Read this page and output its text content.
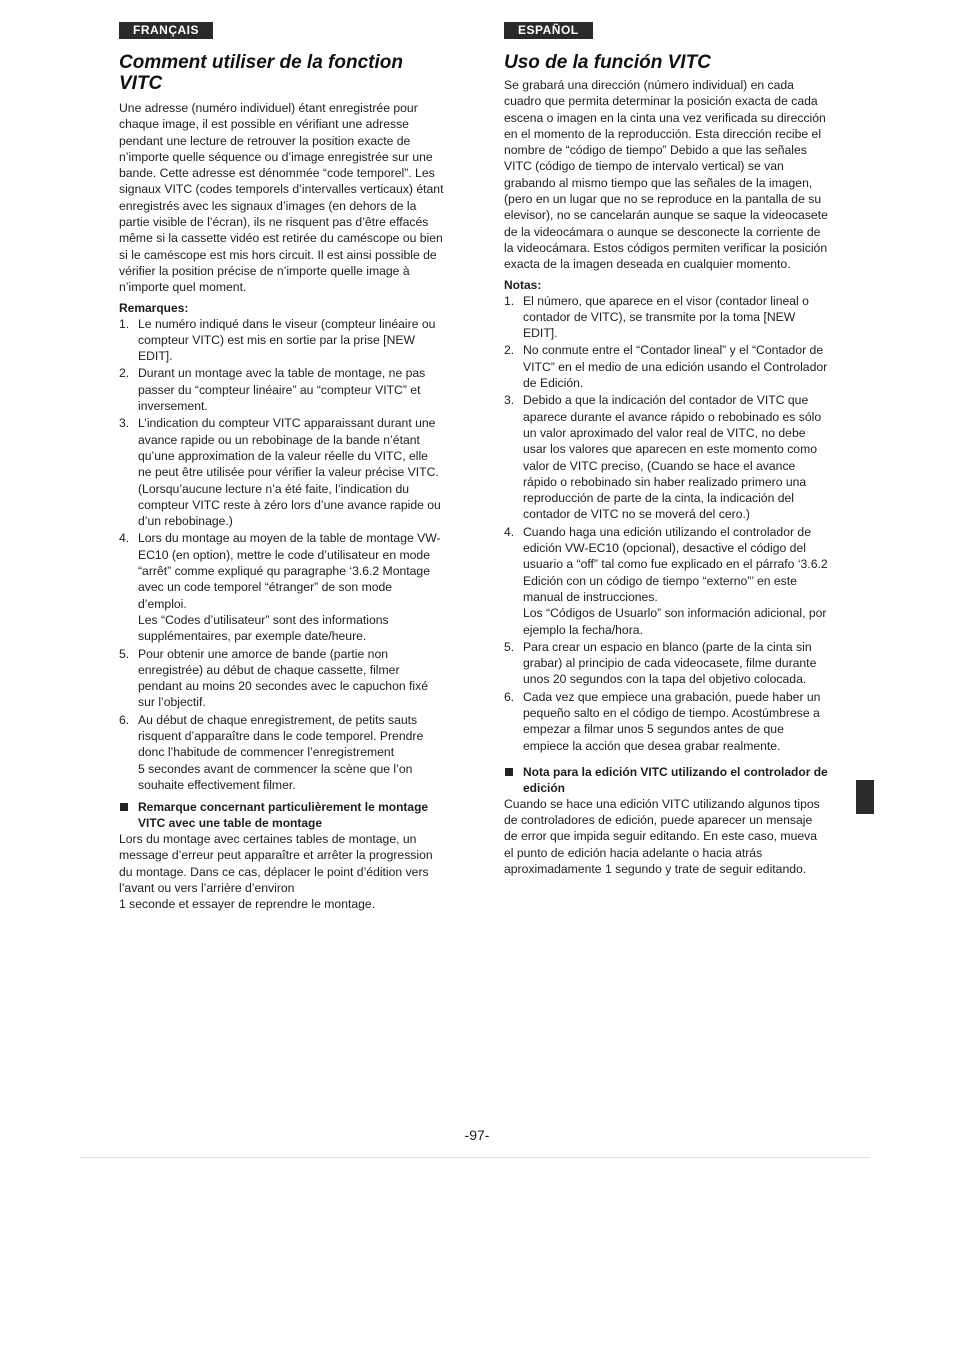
FRANÇAIS
Comment utiliser de la fonction VITC

Une adresse (numéro individuel) étant enregistrée pour chaque image, il est possible en vérifiant une adresse pendant une lecture de retrouver la position exacte de n’importe quelle séquence ou d’image enregistrée sur une bande. Cette adresse est dénommée “code temporel”. Les signaux VITC (codes temporels d’intervalles verticaux) étant enregistrés avec les signaux d’images (en dehors de la partie visible de l’écran), ils ne risquent pas d’être effacés même si la cassette vidéo est retirée du caméscope ou bien si le caméscope est mis hors circuit. Il est ainsi possible de vérifier la position précise de n’importe quelle image à n’importe quel moment.

Remarques:
1. Le numéro indiqué dans le viseur (compteur linéaire ou compteur VITC) est mis en sortie par la prise [NEW EDIT].
2. Durant un montage avec la table de montage, ne pas passer du “compteur linéaire” au “compteur VITC” et inversement.
3. L’indication du compteur VITC apparaissant durant une avance rapide ou un rebobinage de la bande n’étant qu’une approximation de la valeur réelle du VITC, elle ne peut être utilisée pour vérifier la valeur précise VITC. (Lorsqu’aucune lecture n’a été faite, l’indication du compteur VITC reste à zéro lors d’une avance rapide ou d’un rebobinage.)
4. Lors du montage au moyen de la table de montage VW-EC10 (en option), mettre le code d’utilisateur en mode “arrêt” comme expliqué qu paragraphe ‘3.6.2 Montage avec un code temporel “étranger” de son mode d’emploi.
Les “Codes d’utilisateur” sont des informations supplémentaires, par exemple date/heure.
5. Pour obtenir une amorce de bande (partie non enregistrée) au début de chaque cassette, filmer pendant au moins 20 secondes avec le capuchon fixé sur l’objectif.
6. Au début de chaque enregistrement, de petits sauts risquent d’apparaître dans le code temporel. Prendre donc l’habitude de commencer l’enregistrement
5 secondes avant de commencer la scène que l’on souhaite effectivement filmer.
Remarque concernant particulièrement le montage VITC avec une table de montage

Lors du montage avec certaines tables de montage, un message d’erreur peut apparaître et arrêter la progression du montage. Dans ce cas, déplacer le point d’édition vers l’avant ou vers l’arrière d’environ
1 seconde et essayer de reprendre le montage.

ESPAÑOL
Uso de la función VITC

Se grabará una dirección (número individual) en cada cuadro que permita determinar la posición exacta de cada escena o imagen en la cinta una vez verificada su dirección en el momento de la reproducción. Esta dirección recibe el nombre de “código de tiempo” Debido a que las señales VITC (código de tiempo de intervalo vertical) se van grabando al mismo tiempo que las señales de la imagen, (pero en un lugar que no se reproduce en la pantalla de su elevisor), no se cancelarán aunque se saque la videocasete de la videocámara o aunque se desconecte la corriente de la videocámara. Estos códigos permiten verificar la posición exacta de la imagen deseada en cualquier momento.

Notas:
1. El número, que aparece en el visor (contador lineal o contador de VITC), se transmite por la toma [NEW EDIT].
2. No conmute entre el “Contador lineal” y el “Contador de VITC” en el medio de una edición usando el Controlador de Edición.
3. Debido a que la indicación del contador de VITC que aparece durante el avance rápido o rebobinado es sólo un valor aproximado del valor real de VITC, no debe usar los valores que aparecen en este momento como valor de VITC preciso, (Cuando se hace el avance rápido o rebobinado sin haber realizado primero una reproducción de parte de la cinta, la indicación del contador de VITC no se moverá del cero.)
4. Cuando haga una edición utilizando el controlador de edición VW-EC10 (opcional), desactive el código del usuario a “off” tal como fue explicado en el párrafo ‘3.6.2 Edición con un código de tiempo “externo”’ en este manual de instrucciones.
Los “Códigos de Usuarlo” son información adicional, por ejemplo la fecha/hora.
5. Para crear un espacio en blanco (parte de la cinta sin grabar) al principio de cada videocasete, filme durante unos 20 segundos con la tapa del objetivo colocada.
6. Cada vez que empiece una grabación, puede haber un pequeño salto en el código de tiempo. Acostúmbrese a empezar a filmar unos 5 segundos antes de que empiece la acción que desea grabar realmente.
Nota para la edición VITC utilizando el controlador de edición

Cuando se hace una edición VITC utilizando algunos tipos de controladores de edición, puede aparecer un mensaje de error que impida seguir editando. En este caso, mueva el punto de edición hacia adelante o hacia atrás aproximadamente 1 segundo y trate de seguir editando.

-97-
